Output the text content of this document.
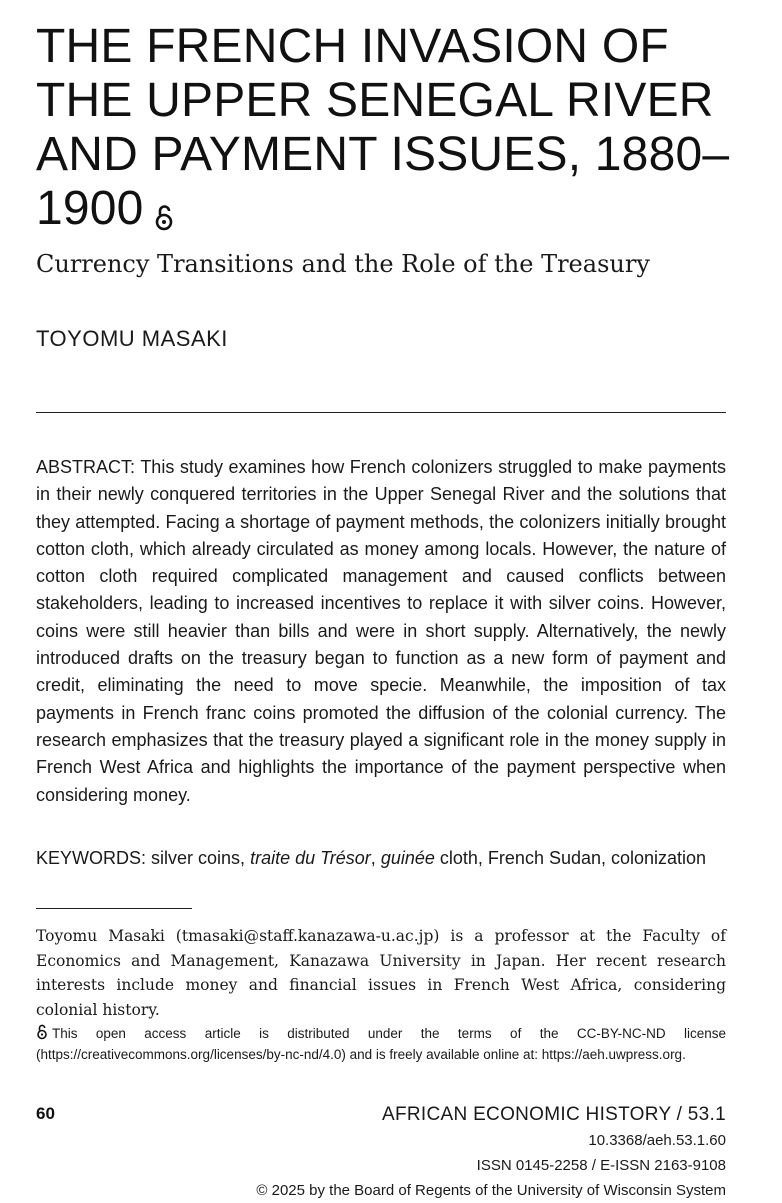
THE FRENCH INVASION OF THE UPPER SENEGAL RIVER AND PAYMENT ISSUES, 1880–1900
Currency Transitions and the Role of the Treasury
TOYOMU MASAKI

ABSTRACT: This study examines how French colonizers struggled to make payments in their newly conquered territories in the Upper Senegal River and the solutions that they attempted. Facing a shortage of payment methods, the colonizers initially brought cotton cloth, which already circulated as money among locals. However, the nature of cotton cloth required complicated management and caused conflicts between stakeholders, leading to increased incentives to replace it with silver coins. However, coins were still heavier than bills and were in short supply. Alternatively, the newly introduced drafts on the treasury began to function as a new form of payment and credit, eliminating the need to move specie. Meanwhile, the imposition of tax payments in French franc coins promoted the diffusion of the colonial currency. The research emphasizes that the treasury played a significant role in the money supply in French West Africa and highlights the importance of the payment perspective when considering money.

KEYWORDS: silver coins, traite du Trésor, guinée cloth, French Sudan, colonization

Toyomu Masaki (tmasaki@staff.kanazawa-u.ac.jp) is a professor at the Faculty of Economics and Management, Kanazawa University in Japan. Her recent research interests include money and financial issues in French West Africa, considering colonial history.

This open access article is distributed under the terms of the CC-BY-NC-ND license (https://creativecommons.org/licenses/by-nc-nd/4.0) and is freely available online at: https://aeh.uwpress.org.

60	AFRICAN ECONOMIC HISTORY / 53.1
10.3368/aeh.53.1.60
ISSN 0145-2258 / E-ISSN 2163-9108
© 2025 by the Board of Regents of the University of Wisconsin System
